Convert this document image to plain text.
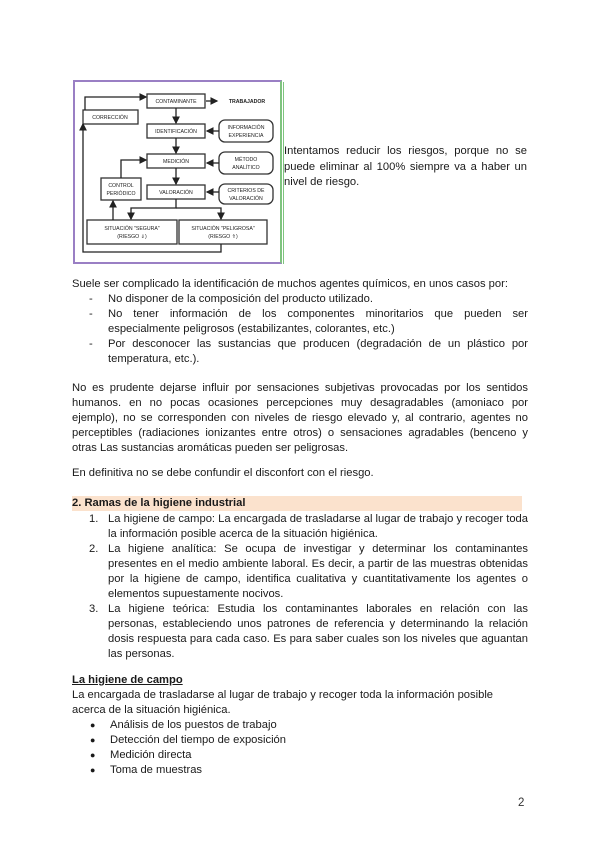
CONTAMINANTE	TRABAJADOR
CORRECCIÓN
IDENTIFICACIÓN
INFORMACIÓN
EXPERIENCIA
MEDICIÓN	MÉTODO
ANALÍTICO
CONTROL
PERIÓDICO	VALORACIÓN	CRITERIOS DE
VALORACIÓN
SITUACIÓN "SEGURA"
(RIESGO ⇓)
SITUACIÓN "PELIGROSA"
(RIESGO ⇑)
Intentamos reducir los riesgos, porque no se puede eliminar al 100% siempre va a haber un nivel de riesgo.
Suele ser complicado la identificación de muchos agentes químicos, en unos casos por:
- No disponer de la composición del producto utilizado.
- No tener información de los componentes minoritarios que pueden ser especialmente peligrosos (estabilizantes, colorantes, etc.)
- Por desconocer las sustancias que producen (degradación de un plástico por temperatura, etc.).
No es prudente dejarse influir por sensaciones subjetivas provocadas por los sentidos humanos. en no pocas ocasiones percepciones muy desagradables (amoniaco por ejemplo), no se corresponden con niveles de riesgo elevado y, al contrario, agentes no perceptibles (radiaciones ionizantes entre otros) o sensaciones agradables (benceno y otras Las sustancias aromáticas pueden ser peligrosas.
En definitiva no se debe confundir el disconfort con el riesgo.
2. Ramas de la higiene industrial
1. La higiene de campo: La encargada de trasladarse al lugar de trabajo y recoger toda la información posible acerca de la situación higiénica.
2. La higiene analítica: Se ocupa de investigar y determinar los contaminantes presentes en el medio ambiente laboral. Es decir, a partir de las muestras obtenidas por la higiene de campo, identifica cualitativa y cuantitativamente los agentes o elementos supuestamente nocivos.
3. La higiene teórica: Estudia los contaminantes laborales en relación con las personas, estableciendo unos patrones de referencia y determinando la relación dosis respuesta para cada caso. Es para saber cuales son los niveles que aguantan las personas.
La higiene de campo
La encargada de trasladarse al lugar de trabajo y recoger toda la información posible acerca de la situación higiénica.
● Análisis de los puestos de trabajo
● Detección del tiempo de exposición
● Medición directa
● Toma de muestras
2
